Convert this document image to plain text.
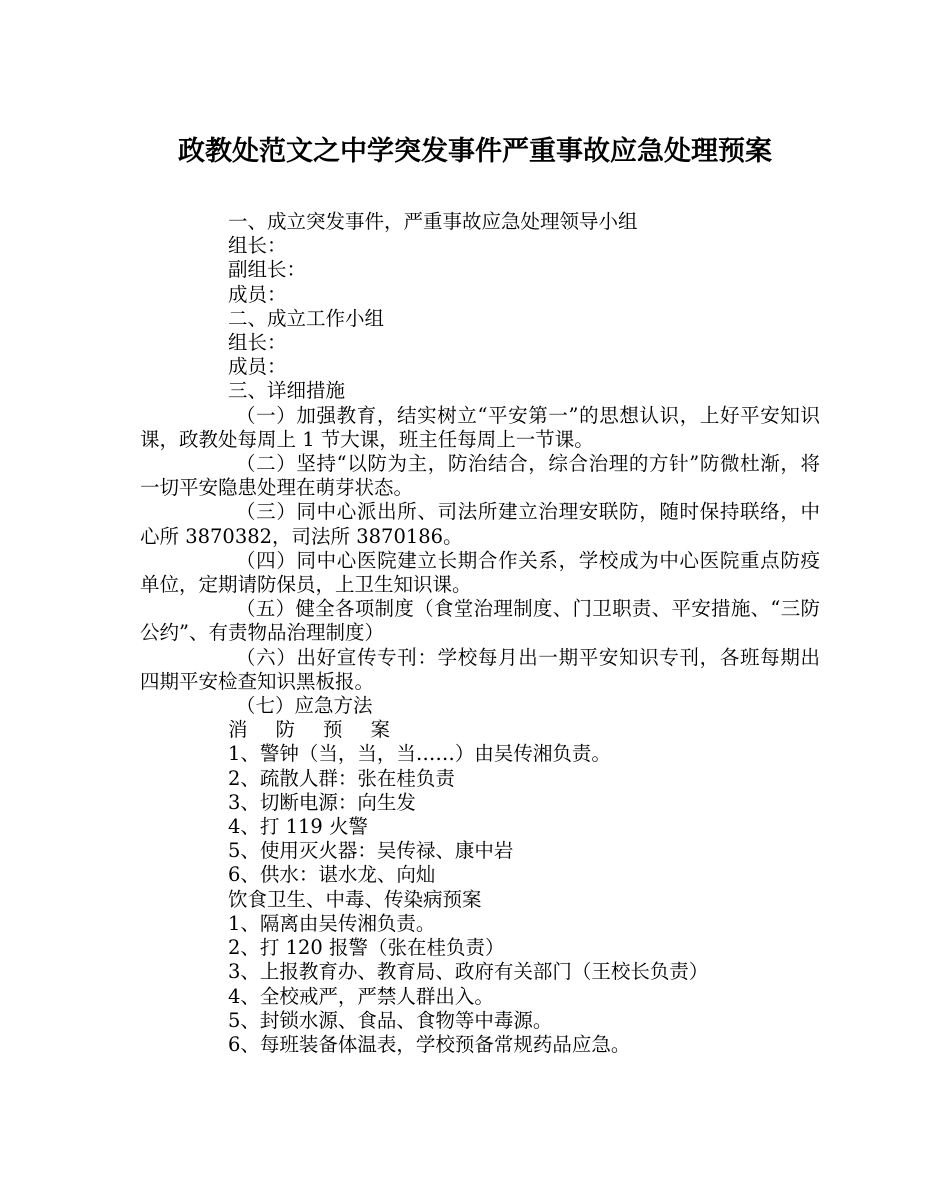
政教处范文之中学突发事件严重事故应急处理预案

一、成立突发事件，严重事故应急处理领导小组

组长：

副组长：

成员：

二、成立工作小组

组长：

成员：

三、详细措施

（一）加强教育，结实树立“平安第一”的思想认识，上好平安知识课，政教处每周上 1 节大课，班主任每周上一节课。

（二）坚持“以防为主，防治结合，综合治理的方针”防微杜渐，将一切平安隐患处理在萌芽状态。

（三）同中心派出所、司法所建立治理安联防，随时保持联络，中心所 3870382，司法所 3870186。

（四）同中心医院建立长期合作关系，学校成为中心医院重点防疫单位，定期请防保员，上卫生知识课。

（五）健全各项制度（食堂治理制度、门卫职责、平安措施、“三防公约”、有责物品治理制度）

（六）出好宣传专刊：学校每月出一期平安知识专刊，各班每期出四期平安检查知识黑板报。

（七）应急方法

消防预案

1、警钟（当，当，当……）由吴传湘负责。

2、疏散人群：张在桂负责

3、切断电源：向生发

4、打 119 火警

5、使用灭火器：吴传禄、康中岩

6、供水：谌水龙、向灿

饮食卫生、中毒、传染病预案

1、隔离由吴传湘负责。

2、打 120 报警（张在桂负责）

3、上报教育办、教育局、政府有关部门（王校长负责）

4、全校戒严，严禁人群出入。

5、封锁水源、食品、食物等中毒源。

6、每班装备体温表，学校预备常规药品应急。
